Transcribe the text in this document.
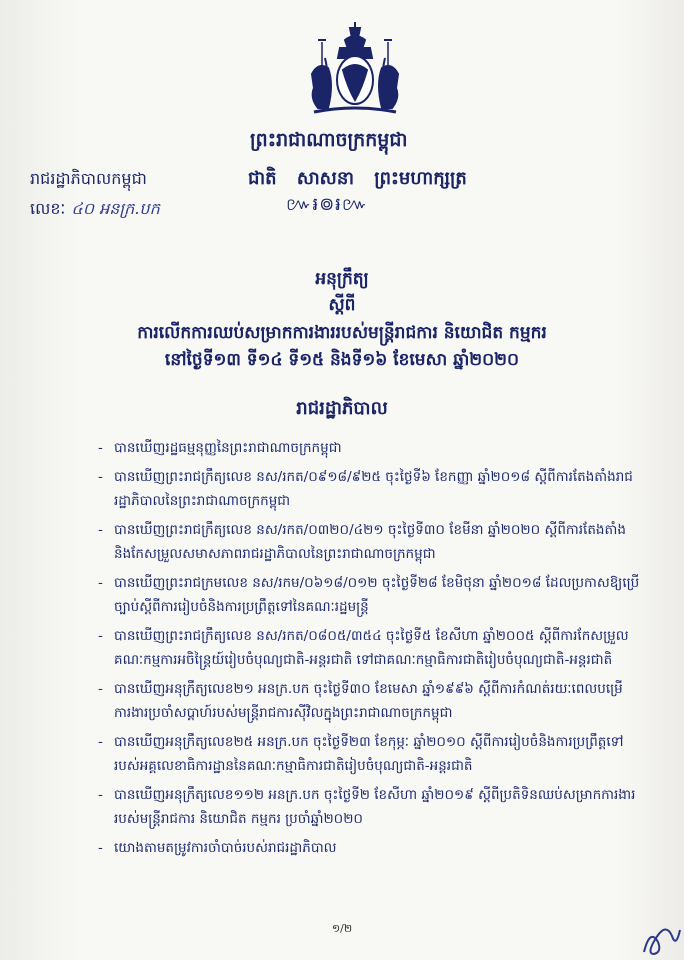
ព្រះរាជាណាចក្រកម្ពុជា
រាជរដ្ឋាភិបាលកម្ពុជា	ជាតិ សាសនា ព្រះមហាក្សត្រ
៚៛៙៛៚
លេខៈ ៤០ អនក្រ.បក
អនុក្រឹត្យ
ស្តីពី
ការលើកការឈប់សម្រាកការងាររបស់មន្ត្រីរាជការ និយោជិត កម្មករ
នៅថ្ងៃទី១៣ ទី១៤ ទី១៥ និងទី១៦ ខែមេសា ឆ្នាំ២០២០
រាជរដ្ឋាភិបាល
- បានឃើញរដ្ឋធម្មនុញ្ញនៃព្រះរាជាណាចក្រកម្ពុជា
- បានឃើញព្រះរាជក្រឹត្យលេខ នស/រកត/០៩១៨/៩២៥ ចុះថ្ងៃទី៦ ខែកញ្ញា ឆ្នាំ២០១៨ ស្តីពីការតែងតាំងរាជរដ្ឋាភិបាលនៃព្រះរាជាណាចក្រកម្ពុជា
- បានឃើញព្រះរាជក្រឹត្យលេខ នស/រកត/០៣២០/៤២១ ចុះថ្ងៃទី៣០ ខែមីនា ឆ្នាំ២០២០ ស្តីពីការតែងតាំងនិងកែសម្រួលសមាសភាពរាជរដ្ឋាភិបាលនៃព្រះរាជាណាចក្រកម្ពុជា
- បានឃើញព្រះរាជក្រមលេខ នស/រកម/០៦១៨/០១២ ចុះថ្ងៃទី២៨ ខែមិថុនា ឆ្នាំ២០១៨ ដែលប្រកាសឱ្យប្រើច្បាប់ស្តីពីការរៀបចំនិងការប្រព្រឹត្តទៅនៃគណៈរដ្ឋមន្ត្រី
- បានឃើញព្រះរាជក្រឹត្យលេខ នស/រកត/០៨០៥/៣៥៤ ចុះថ្ងៃទី៥ ខែសីហា ឆ្នាំ២០០៥ ស្តីពីការកែសម្រួលគណៈកម្មការអចិន្ត្រៃយ៍រៀបចំបុណ្យជាតិ-អន្តរជាតិ ទៅជាគណៈកម្មាធិការជាតិរៀបចំបុណ្យជាតិ-អន្តរជាតិ
- បានឃើញអនុក្រឹត្យលេខ២១ អនក្រ.បក ចុះថ្ងៃទី៣០ ខែមេសា ឆ្នាំ១៩៩៦ ស្តីពីការកំណត់រយៈពេលបម្រើការងារប្រចាំសប្តាហ៍របស់មន្ត្រីរាជការស៊ីវិលក្នុងព្រះរាជាណាចក្រកម្ពុជា
- បានឃើញអនុក្រឹត្យលេខ២៥ អនក្រ.បក ចុះថ្ងៃទី២៣ ខែកុម្ភៈ ឆ្នាំ២០១០ ស្តីពីការរៀបចំនិងការប្រព្រឹត្តទៅរបស់អគ្គលេខាធិការដ្ឋាននៃគណៈកម្មាធិការជាតិរៀបចំបុណ្យជាតិ-អន្តរជាតិ
- បានឃើញអនុក្រឹត្យលេខ១១២ អនក្រ.បក ចុះថ្ងៃទី២ ខែសីហា ឆ្នាំ២០១៩ ស្តីពីប្រតិទិនឈប់សម្រាកការងាររបស់មន្ត្រីរាជការ និយោជិត កម្មករ ប្រចាំឆ្នាំ២០២០
- យោងតាមតម្រូវការចាំបាច់របស់រាជរដ្ឋាភិបាល
១/២
